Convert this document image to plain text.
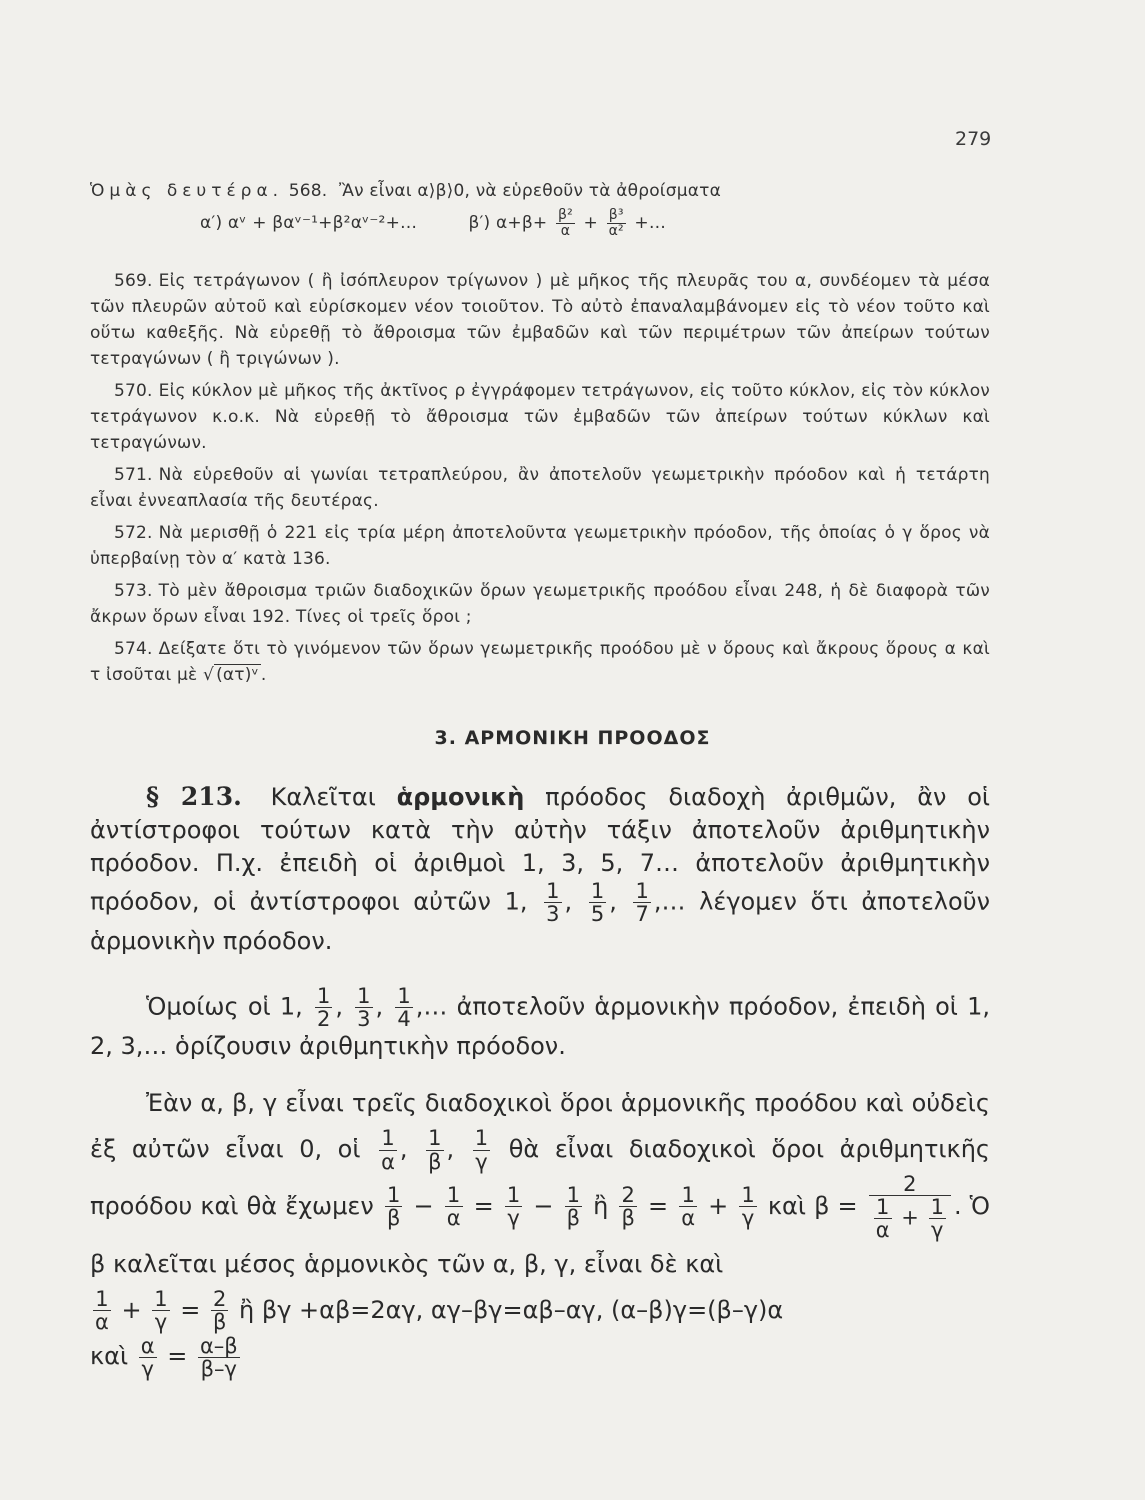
279
Ὁμὰς δευτέρα. 568. Ἂν εἶναι α⟩β⟩0, νὰ εὑρεθοῦν τὰ ἀθροίσματα
α′) αᵛ + βαᵛ⁻¹+β²αᵛ⁻²+…	β′) $\alpha+\beta+ \frac{\text{β²}}{\alpha} + \frac{\text{β³}}{\text{α²}}$ +…
569. Εἰς τετράγωνον ( ἢ ἰσόπλευρον τρίγωνον ) μὲ μῆκος τῆς πλευρᾶς του α, συνδέομεν τὰ μέσα τῶν πλευρῶν αὐτοῦ καὶ εὑρίσκομεν νέον τοιοῦτον. Τὸ αὐτὸ ἐπαναλαμβάνομεν εἰς τὸ νέον τοῦτο καὶ οὕτω καθεξῆς. Νὰ εὑρεθῇ τὸ ἄθροισμα τῶν ἐμβαδῶν καὶ τῶν περιμέτρων τῶν ἀπείρων τούτων τετραγώνων ( ἢ τριγώνων ).
570. Εἰς κύκλον μὲ μῆκος τῆς ἀκτῖνος ρ ἐγγράφομεν τετράγωνον, εἰς τοῦτο κύκλον, εἰς τὸν κύκλον τετράγωνον κ.ο.κ. Νὰ εὑρεθῇ τὸ ἄθροισμα τῶν ἐμβαδῶν τῶν ἀπείρων τούτων κύκλων καὶ τετραγώνων.
571. Νὰ εὑρεθοῦν αἱ γωνίαι τετραπλεύρου, ἂν ἀποτελοῦν γεωμετρικὴν πρόοδον καὶ ἡ τετάρτη εἶναι ἐννεαπλασία τῆς δευτέρας.
572. Νὰ μερισθῇ ὁ 221 εἰς τρία μέρη ἀποτελοῦντα γεωμετρικὴν πρόοδον, τῆς ὁποίας ὁ γ ὅρος νὰ ὑπερβαίνῃ τὸν α′ κατὰ 136.
573. Τὸ μὲν ἄθροισμα τριῶν διαδοχικῶν ὅρων γεωμετρικῆς προόδου εἶναι 248, ἡ δὲ διαφορὰ τῶν ἄκρων ὅρων εἶναι 192. Τίνες οἱ τρεῖς ὅροι ;
574. Δείξατε ὅτι τὸ γινόμενον τῶν ὅρων γεωμετρικῆς προόδου μὲ ν ὅρους καὶ ἄκρους ὅρους α καὶ τ ἰσοῦται μὲ √ (ατ)ᵛ .
3. ΑΡΜΟΝΙΚΗ ΠΡΟΟΔΟΣ
§ 213. Καλεῖται ἁρμονικὴ πρόοδος διαδοχὴ ἀριθμῶν, ἂν οἱ ἀντίστροφοι τούτων κατὰ τὴν αὐτὴν τάξιν ἀποτελοῦν ἀριθμητικὴν πρόοδον. Π.χ. ἐπειδὴ οἱ ἀριθμοὶ 1, 3, 5, 7… ἀποτελοῦν ἀριθμητικὴν πρόοδον, οἱ ἀντίστροφοι αὐτῶν 1, $\frac{1}{3}$ , $\frac{1}{5}$ , $\frac{1}{7}$ ,… λέγομεν ὅτι ἀποτελοῦν ἁρμονικὴν πρόοδον.
Ὁμοίως οἱ 1, $\frac{1}{2}$ , $\frac{1}{3}$ , $\frac{1}{4}$ ,… ἀποτελοῦν ἁρμονικὴν πρόοδον, ἐπειδὴ οἱ 1, 2, 3,… ὁρίζουσιν ἀριθμητικὴν πρόοδον.
Ἐὰν α, β, γ εἶναι τρεῖς διαδοχικοὶ ὅροι ἁρμονικῆς προόδου καὶ οὐδεὶς ἐξ αὐτῶν εἶναι 0, οἱ $\frac{1}{\alpha}$ , $\frac{1}{\beta}$ , $\frac{1}{\gamma}$ θὰ εἶναι διαδοχικοὶ ὅροι ἀριθμητικῆς προόδου καὶ θὰ ἔχωμεν $\frac{1}{\beta} - \frac{1}{\alpha} = \frac{1}{\gamma} - \frac{1}{\beta}$ ἢ $\frac{2}{\beta} = \frac{1}{\alpha} + \frac{1}{\gamma}$ καὶ $\beta = \frac{2}{\frac{1}{\alpha} + \frac{1}{\gamma}}$ . Ὁ β καλεῖται μέσος ἁρμονικὸς τῶν α, β, γ, εἶναι δὲ καὶ

$\frac{1}{\alpha} + \frac{1}{\gamma} = \frac{2}{\beta}$ ἢ βγ +αβ=2αγ, αγ–βγ=αβ–αγ, (α–β)γ=(β–γ)α
καὶ $\frac{\alpha}{\gamma} = \frac{\alpha-\beta}{\beta-\gamma}$
